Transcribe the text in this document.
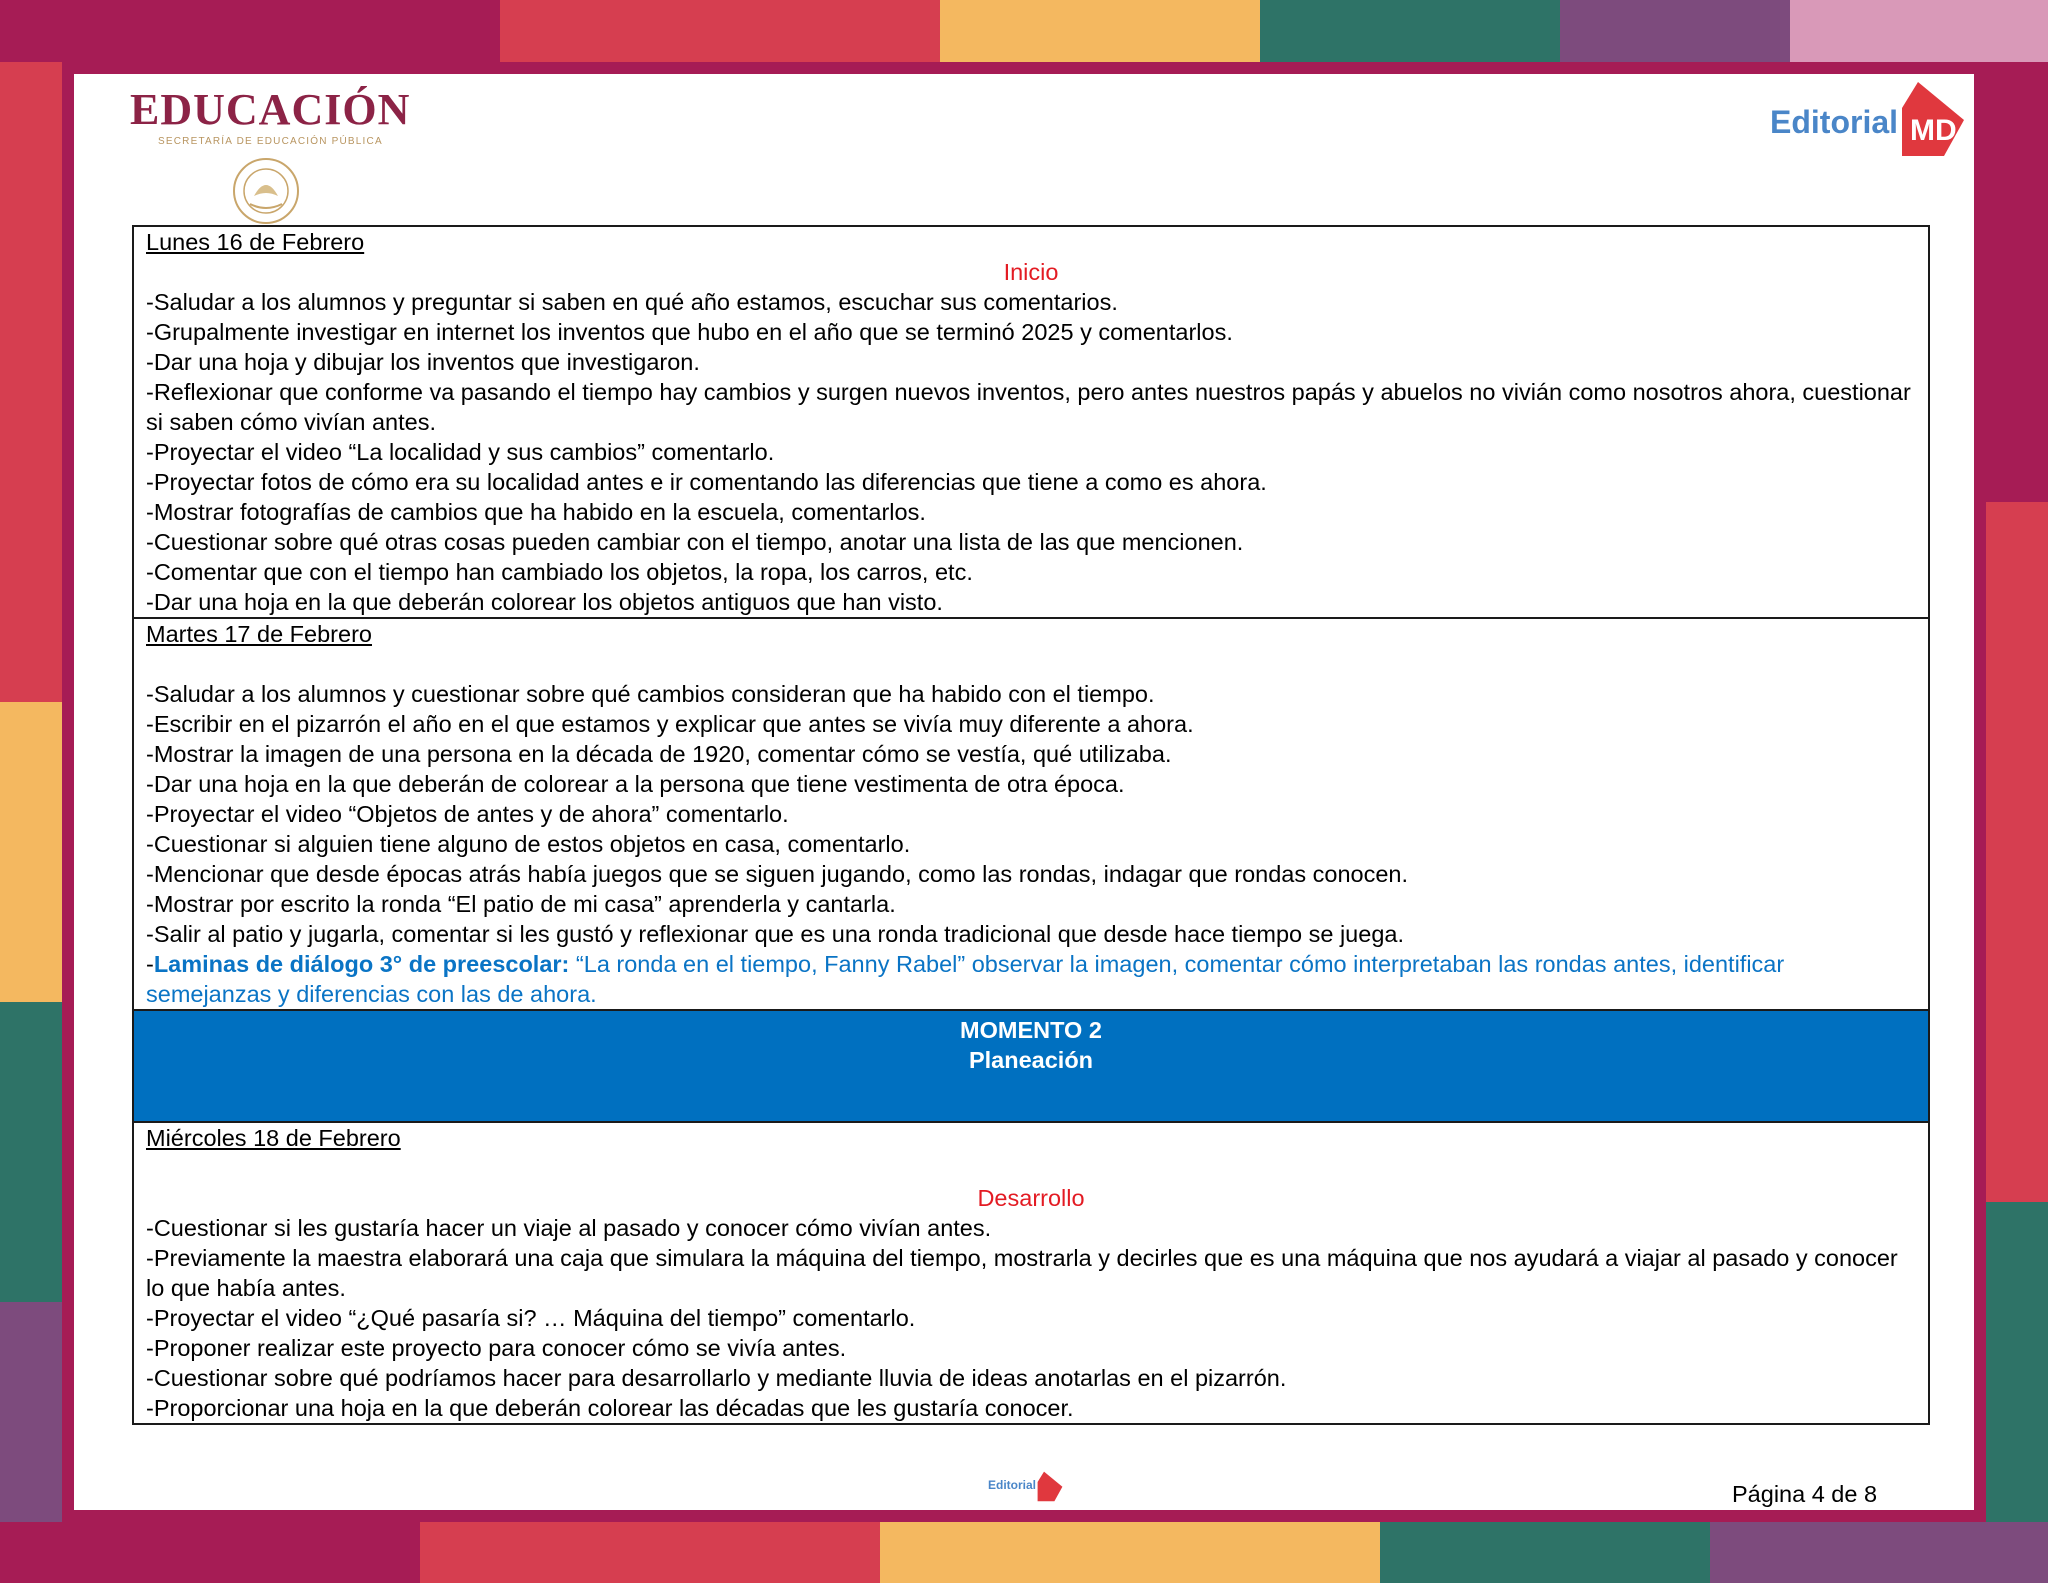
EDUCACIÓN
SECRETARÍA DE EDUCACIÓN PÚBLICA
Editorial MD
Lunes 16 de Febrero
Inicio
-Saludar a los alumnos y preguntar si saben en qué año estamos, escuchar sus comentarios.
-Grupalmente investigar en internet los inventos que hubo en el año que se terminó 2025 y comentarlos.
-Dar una hoja y dibujar los inventos que investigaron.
-Reflexionar que conforme va pasando el tiempo hay cambios y surgen nuevos inventos, pero antes nuestros papás y abuelos no vivián como nosotros ahora, cuestionar si saben cómo vivían antes.
-Proyectar el video “La localidad y sus cambios” comentarlo.
-Proyectar fotos de cómo era su localidad antes e ir comentando las diferencias que tiene a como es ahora.
-Mostrar fotografías de cambios que ha habido en la escuela, comentarlos.
-Cuestionar sobre qué otras cosas pueden cambiar con el tiempo, anotar una lista de las que mencionen.
-Comentar que con el tiempo han cambiado los objetos, la ropa, los carros, etc.
-Dar una hoja en la que deberán colorear los objetos antiguos que han visto.

Martes 17 de Febrero
-Saludar a los alumnos y cuestionar sobre qué cambios consideran que ha habido con el tiempo.
-Escribir en el pizarrón el año en el que estamos y explicar que antes se vivía muy diferente a ahora.
-Mostrar la imagen de una persona en la década de 1920, comentar cómo se vestía, qué utilizaba.
-Dar una hoja en la que deberán de colorear a la persona que tiene vestimenta de otra época.
-Proyectar el video “Objetos de antes y de ahora” comentarlo.
-Cuestionar si alguien tiene alguno de estos objetos en casa, comentarlo.
-Mencionar que desde épocas atrás había juegos que se siguen jugando, como las rondas, indagar que rondas conocen.
-Mostrar por escrito la ronda “El patio de mi casa” aprenderla y cantarla.
-Salir al patio y jugarla, comentar si les gustó y reflexionar que es una ronda tradicional que desde hace tiempo se juega.
-Laminas de diálogo 3° de preescolar: “La ronda en el tiempo, Fanny Rabel” observar la imagen, comentar cómo interpretaban las rondas antes, identificar semejanzas y diferencias con las de ahora.

MOMENTO 2
Planeación

Miércoles 18 de Febrero
Desarrollo
-Cuestionar si les gustaría hacer un viaje al pasado y conocer cómo vivían antes.
-Previamente la maestra elaborará una caja que simulara la máquina del tiempo, mostrarla y decirles que es una máquina que nos ayudará a viajar al pasado y conocer lo que había antes.
-Proyectar el video “¿Qué pasaría si? … Máquina del tiempo” comentarlo.
-Proponer realizar este proyecto para conocer cómo se vivía antes.
-Cuestionar sobre qué podríamos hacer para desarrollarlo y mediante lluvia de ideas anotarlas en el pizarrón.
-Proporcionar una hoja en la que deberán colorear las décadas que les gustaría conocer.
Editorial	Página 4 de 8
